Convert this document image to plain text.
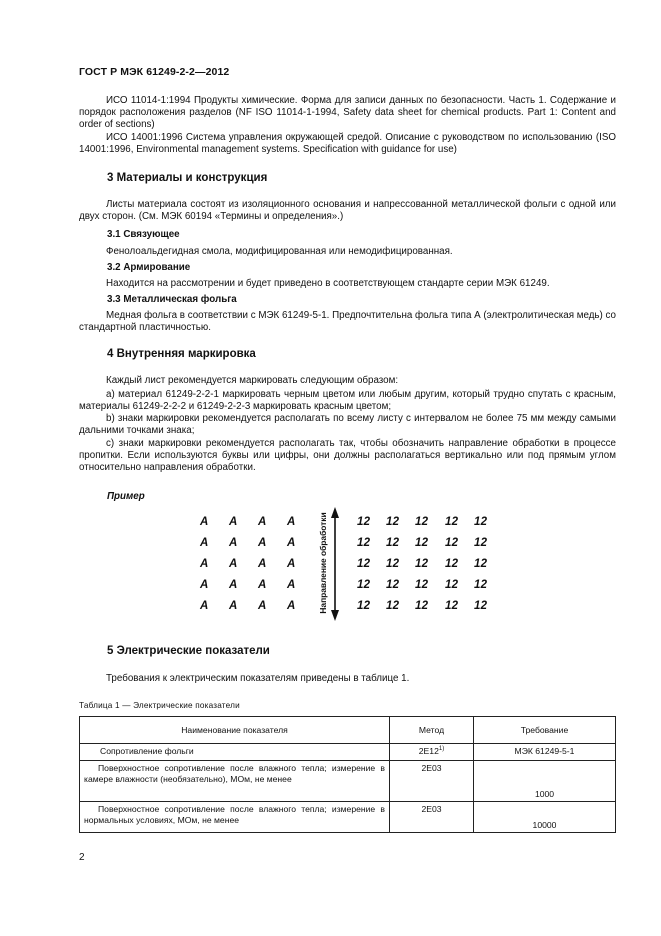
ГОСТ Р МЭК 61249-2-2—2012

ИСО 11014-1:1994 Продукты химические. Форма для записи данных по безопасности. Часть 1. Содержание и порядок расположения разделов (NF ISO 11014-1-1994, Safety data sheet for chemical products. Part 1: Content and order of sections)

ИСО 14001:1996 Система управления окружающей средой. Описание с руководством по использованию (ISO 14001:1996, Environmental management systems. Specification with guidance for use)

3 Материалы и конструкция

Листы материала состоят из изоляционного основания и напрессованной металлической фольги с одной или двух сторон. (См. МЭК 60194 «Термины и определения».)

3.1 Связующее

Фенолоальдегидная смола, модифицированная или немодифицированная.

3.2 Армирование

Находится на рассмотрении и будет приведено в соответствующем стандарте серии МЭК 61249.

3.3 Металлическая фольга

Медная фольга в соответствии с МЭК 61249-5-1. Предпочтительна фольга типа А (электролитическая медь) со стандартной пластичностью.

4 Внутренняя маркировка

Каждый лист рекомендуется маркировать следующим образом:

а) материал 61249-2-2-1 маркировать черным цветом или любым другим, который трудно спутать с красным, материалы 61249-2-2-2 и 61249-2-2-3 маркировать красным цветом;

b) знаки маркировки рекомендуется располагать по всему листу с интервалом не более 75 мм между самыми дальними точками знака;

с) знаки маркировки рекомендуется располагать так, чтобы обозначить направление обработки в процессе пропитки. Если используются буквы или цифры, они должны располагаться вертикально или под прямым углом относительно направления обработки.

Пример
A A A A	12 12 12 12 12
A A A A	12 12 12 12 12
A A A A	12 12 12 12 12
A A A A	12 12 12 12 12
A A A A	12 12 12 12 12
Направление обработки

5 Электрические показатели

Требования к электрическим показателям приведены в таблице 1.

Таблица 1 — Электрические показатели
Наименование показателя	Метод	Требование
Сопротивление фольги	2E12$^{1)}$	МЭК 61249-5-1

Поверхностное сопротивление после влажного тепла; измерение в камере влажности (необязательно), МОм, не менее	2E03	1000

Поверхностное сопротивление после влажного тепла; измерение в нормальных условиях, МОм, не менее	2E03	10000
2
